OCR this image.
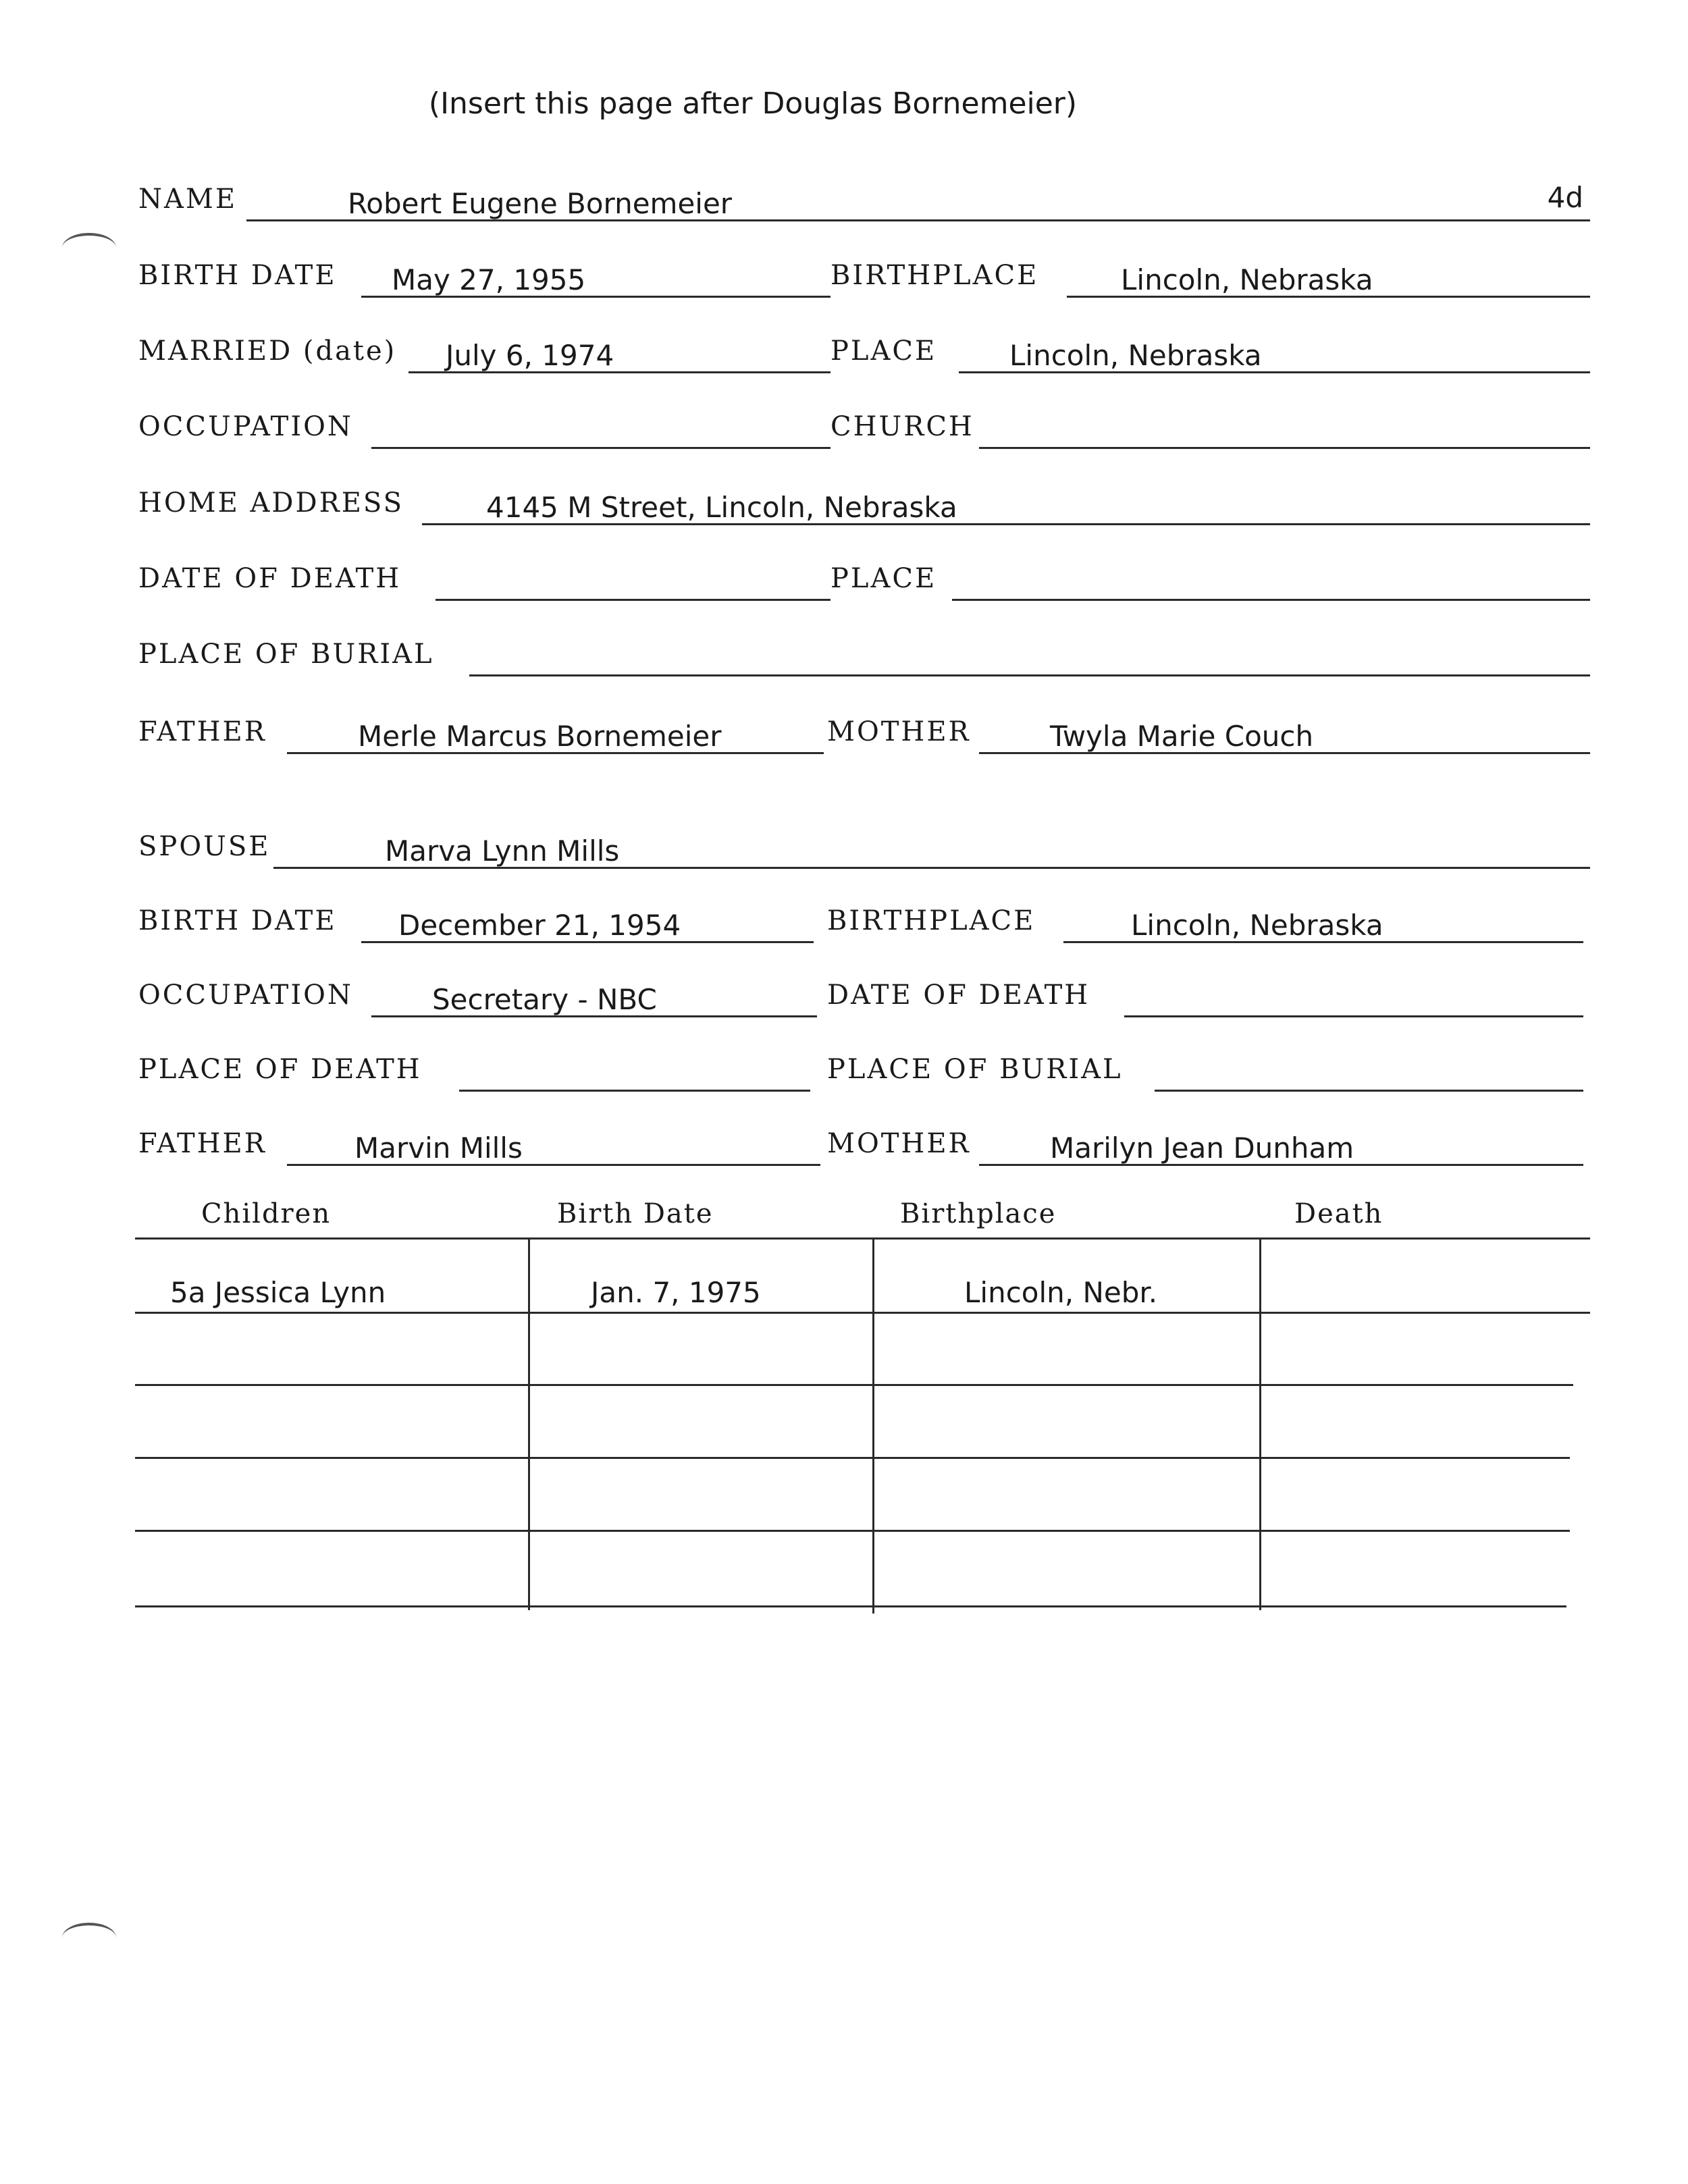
(Insert this page after Douglas Bornemeier)
4d
NAME	Robert Eugene Bornemeier
BIRTH DATE May 27, 1955	BIRTHPLACE	Lincoln, Nebraska
MARRIED (date) July 6, 1974	PLACE	Lincoln, Nebraska
OCCUPATION	CHURCH
HOME ADDRESS	4145 M Street, Lincoln, Nebraska
DATE OF DEATH	PLACE
PLACE OF BURIAL
FATHER	Merle Marcus Bornemeier	MOTHER	Twyla Marie Couch
SPOUSE	Marva Lynn Mills
BIRTH DATE December 21, 1954	BIRTHPLACE	Lincoln, Nebraska
OCCUPATION	Secretary - NBC	DATE OF DEATH
PLACE OF DEATH	PLACE OF BURIAL
FATHER	Marvin Mills	MOTHER	Marilyn Jean Dunham
Children	Birth Date	Birthplace	Death
5a Jessica Lynn	Jan. 7, 1975	Lincoln, Nebr.
